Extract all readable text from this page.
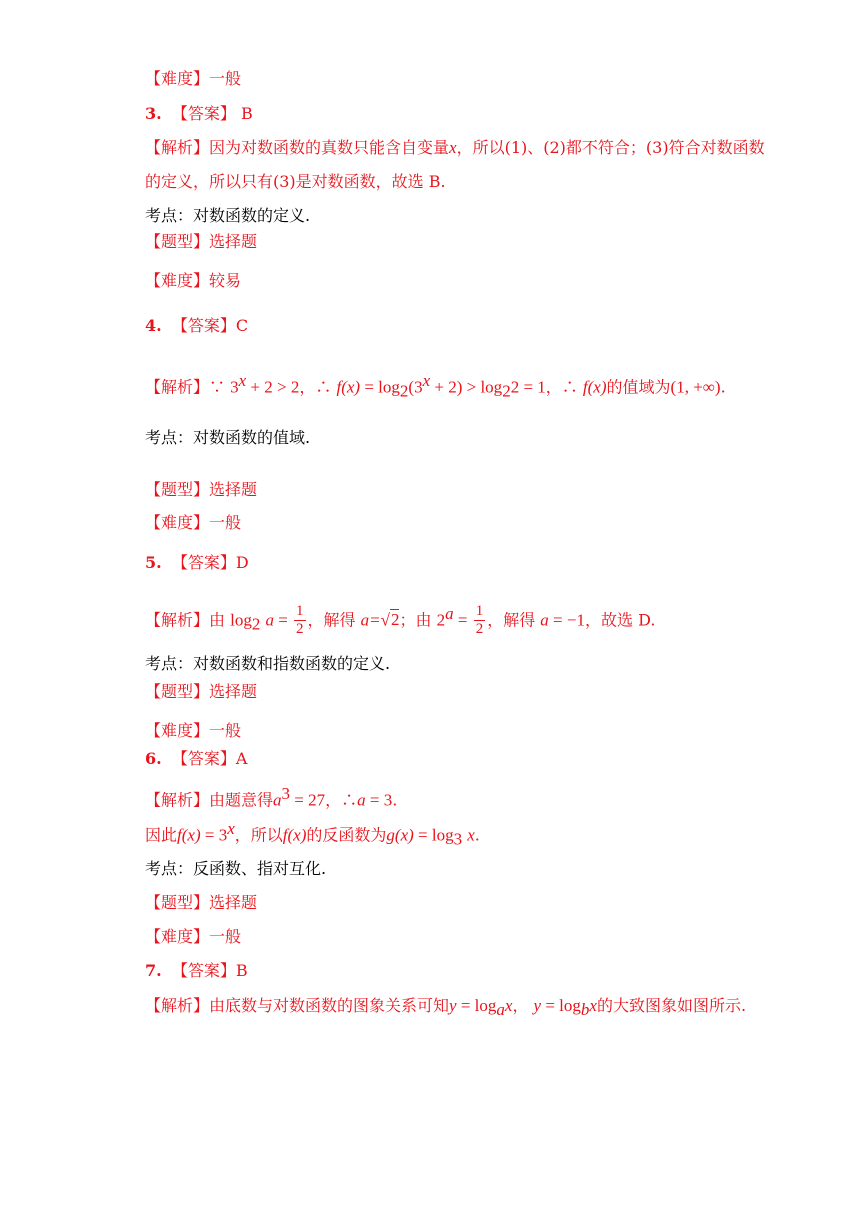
【难度】一般
3. 【答案】 B
【解析】因为对数函数的真数只能含自变量x，所以(1)、(2)都不符合；(3)符合对数函数
的定义，所以只有(3)是对数函数，故选 B.
考点：对数函数的定义.
【题型】选择题
【难度】较易
4. 【答案】C
【解析】∵ $3^x + 2 > 2$，∴ $f(x) = \log_2(3^x + 2) > \log_22 = 1$，∴ f(x)的值域为(1, +∞).
考点：对数函数的值域.
【题型】选择题
【难度】一般
5. 【答案】D
【解析】由 $\log_2 a = \frac{1}{2}$ ，解得 a=√2；由 $2^a = \frac{1}{2}$ ，解得 a = −1，故选 D.
考点：对数函数和指数函数的定义.
【题型】选择题
【难度】一般
6. 【答案】A
【解析】由题意得$a^3 = 27$，∴a = 3.
因此$f(x) = 3^x$，所以f(x)的反函数为$g(x) = \log_3 x$.
考点：反函数、指对互化.
【题型】选择题
【难度】一般
7. 【答案】B
【解析】由底数与对数函数的图象关系可知$y = \log_ax$， $y = \log_bx$的大致图象如图所示.
